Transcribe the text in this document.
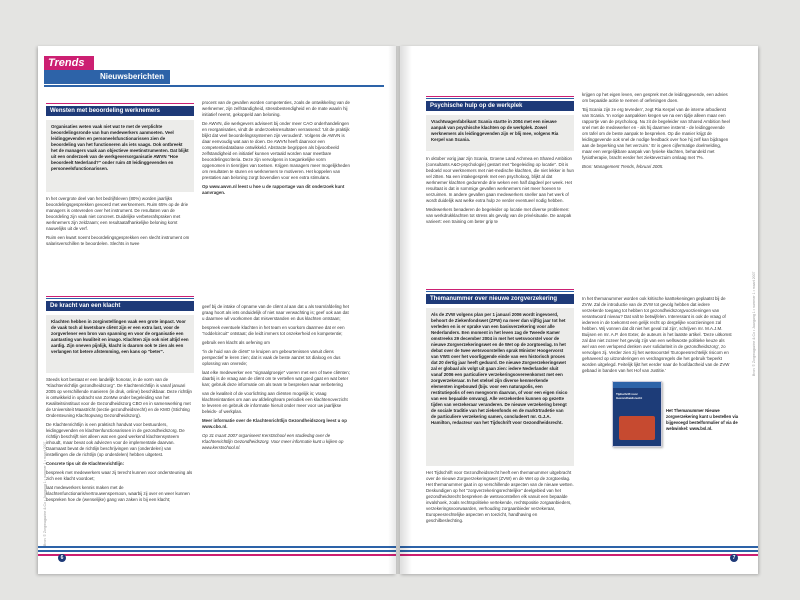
Trends
Nieuwsberichten
Bron: © Zorgmagazine & Co • Jaargang 1 • nummer 1 • maart 2007
Wensten met beoordeling werknemers
Organisaties weten vaak niet wat te met de verplichte beoordelingsronde van hun medewerkers aanmoeten. Veel leidinggevenden en personeelsfunctionarissen zien de beoordeling van het functioneren als iets vaags. Ook ontbreekt het de managers vaak aan objectieve meetinstrumenten. Dat blijkt uit een onderzoek van de werkgeversorganisatie AWVN "Hoe beoordeelt Nederland?" onder ruim 40 leidinggevenden en personeelsfunctionarissen.

In het overgrote deel van het bedrijfsleven (80%) worden jaarlijks beoordelingsgesprekken gevoerd met werknemers. Ruim 65% op de drie managers is ontevreden over het instrument. De resultaten van de beoordeling zijn vaak niet concreet. Duidelijke verbeterafspraken met werknemers zijn zeldzaam; een resultaatafhankelijke beloning komt nauwelijks uit de verf.

Ruim een kwart noemt beoordelingsgesprekken een slecht instrument om salarisverschillen te beoordelen. Slechts in twee

procent van de gevallen worden competenties, zoals de ontwikkeling van de werknemer, zijn zelfstandigheid, stressbestendigheid en de mate waarin hij initiatief neemt, gekoppeld aan beloning.

De AWVN, die werkgevers adviseert bij onder meer CAO onderhandelingen en reorganisaties, vindt de onderzoeksresultaten verrassend: 'Uit de praktijk blijkt dat veel beoordelingssystemen zijn verouderd'. Volgens de AWVN is daar eenvoudig wat aan te doen. De AWVN heeft daarvoor een competentiedatabase ontwikkeld. Abstracte begrippen als bijvoorbeeld zelfstandigheid en initiatief kunnen vertaald worden naar meetbare beoordelingscriteria. Deze zijn vervolgens in toegankelijke vorm opgenomen in tienrijtjes van toetsen. Krijgen managers meer mogelijkheden om resultaten te sturen en werknemers te motiveren. Het koppelen van prestaties aan beloning zorgt bovendien voor een extra stimulans.

Op www.awvn.nl leest u hoe u de rapportage van dit onderzoek kunt aanvragen.

De kracht van een klacht
Klachten hebben in zorginstellingen vaak een grote impact. Voor de vaak toch al kwetsbare cliënt zijn er een extra last, voor de zorgverlener een bron van spanning en voor de organisatie een aantasting van kwaliteit en imago. Klachten zijn ook niet altijd een aardig. Zijn oneven pijnlijk, klacht is daarom ook te zien als een verlangen tot betere afstemming, een kans op "beter".

Steeds kort bestaat er een landelijk honorar, in de vorm van de "Klachtenrichtlijn gezondheidszorg". De Klachtenrichtlijn is vanaf januari 2005 op verschillende manieren (in druk, online) beschikbaar. Deze richtlijn is ontwikkeld in opdracht van ZonMw onder begeleiding van het Kwaliteitsinstituut voor de Gezondheidszorg CBO en in samenwerking met de Universiteit Maastricht (sectie gezondheidsrecht) en de KMO (Stichting Ondersteuning Klachtopvang Gezondheidszorg).

De Klachtenrichtlijn is een praktisch handvat voor bestuurders, leidinggevenden en klachtenfunctionarissen in de gezondheidszorg. De richtlijn beschrijft niet alleen wat een goed werkend klachtensysteem inhoudt, maar bevat ook adviezen voor de implementatie daarvan. Daarnaast bevat de richtlijn beschrijvingen van (onderdelen) van instellingen die de richtlijn (op onderdelen) hebben uitgetest.

Concrete tips uit de Klachtenrichtlijn:

bespreek met medewerkers waar zij terecht kunnen voor ondersteuning als zich een klacht voordoet;

laat medewerkers kennis maken met de klachtenfunctionaris/vertrouwenspersoon, waarbij zij over en weer kunnen bespreken hoe de (wenselijke) gang van zaken is bij een klacht;

geef bij de intake of opname van de cliënt al aan dat u als team/afdeling het graag hoort als iets onduidelijk of niet naar verwachting is; geef ook aan dat u daarmee wil voorkomen dat misverstanden en dus klachten ontstaan;

bespreek eventuele klachten in het team en voorkom daarmee dat er een "roddelcircuit" ontstaat; die leidt immers tot onzekerheid en kompetentie;

gebruik een klacht als oefening om

"in de huid van de cliënt" te kruipen om gebeurtenissen vanuit diens perspectief te leren zien; dat is vaak de beste aanzet tot dialoog en dus oplossing van onvrede;

laat elke medewerker een "signaalgroepje" voeren met een of twee cliënten; daarbij is de vraag aan de cliënt om te vertellen wat goed gaat en wat beter kan; gebruik deze informatie om als team te bespreken waar verbetering

van de kwaliteit of de voorlichting aan cliënten mogelijk is; vraag klachtenintanties om aan uw afdeling/team periodiek een klachtenoverzicht te leveren en gebruik de informatie hieruit onder meer voor uw jaarlijkse beleids- of werkplan.

Meer informatie over de Klachtenrichtlijn Gezondheidszorg leest u op www.cbo.nl.

Op 31 maart 2007 organiseert KerstSchool een studiedag over de Klachtenrichtlijn Gezondheidszorg. Voor meer informatie kunt u kijken op www.kerstschool.nl.

6
Bron: © Zorgmagazine & Co • Jaargang 1 • nummer 1 • maart 2007
Psychische hulp op de werkplek
Vrachtwagenfabrikant Scania startte in 2004 met een nieuwe aanpak van psychische klachten op de werkplek. Zowel werknemers als leidinggevenden zijn er blij mee, volgens Ria Kerpel van Scania.

In oktober vorig jaar zijn Scania, Groene Land Achmea en Shared Ambition (consultants A&O-psychologie) gestart met "begeleiding op locatie". Dit is bedoeld voor werknemers met niet-medische klachten, die niet lekker in hun vel zitten. Na een intakegesprek met een psycholoog, blijkt al dat werknemer klachten gedurende drie weken een half dagdeel per week. Het resultaat is dat in sommige gevallen werknemers niet meer hoeven te verzuimen. In andere gevallen gaan medewerkers sneller aan het werk of wordt duidelijk wat welke extra hulp ze verder eventueel nodig hebben.

Medewerkers benaderen de begeleider op locatie met diverse problemen: van werkdrukklachten tot stress als gevolg van de privésituatie. De aanpak varieert: een training om beter grip te

krijgen op het eigen leven, een gesprek met de leidinggevende, een advies om bepaalde acitie te nemen of oefeningen doen.

'Bij Scania zijn ze erg tevreden', zegt Ria Kerpel van de interne arbodienst van Scania. 'In vorige aanpakken kregen we na een tijdje alleen maar een rapportje van de psycholoog. Nu zit de begeleider van Shared Ambition heel snel met de medewerker en - als hij daarmee instemt - de leidinggevende om tafel om de beste aanpak te bespreken. Op die manier krijgt de leidinggevende ook snel de nodige feedback over hoe hij zelf kan bijdragen aan de beperking van het verzuim.' Er is geen cijfermatige doelmelding, maar een vergelijkbare aanpak van fysieke klachten, behandeld met fysiotherapie, bracht eerder het ziekteverzuim omlaag met 7%.

Bron: Management Trends, februari 2005.

Themanummer over nieuwe zorgverzekering
Als de ZVW volgens plan per 1 januari 2006 wordt ingevoerd, behoort de Ziekenfondswet (ZFW) na meer dan vijftig jaar tot het verleden en is er sprake van een basisverzekering voor alle Nederlanders. Een moment in het leven zag de Tweede Kamer omstreeks 29 december 2004 in met het wetsvoorstel voor de nieuwe Zorgverzekeringswet en de Wet op de zorgtoeslag. In het debat over de twee wetsvoorstellen sprak Minister Hoogervorst van VWS over het voorliggende einde van een historisch proces dat 20 dertig jaar heeft geduurd. De nieuwe Zorgverzekeringswet zal er globaal als volgt uit gaan zien: iedere Nederlander sluit vanaf 2006 een particuliere verzekeringsovereenkomst met een zorgverzekeraar. In het stelsel zijn diverse kenmerkende elementen ingebouwd (bijv. voor een naturapolis, een restitutiepolis of een mengvorm daarvan, of voor een eigen risico van een bepaalde omvang). Alle verzekerden kunnen op gezette tijden van verzekeraar veranderen. De nieuwe verzekering brengt de sociale traditie van het ziekenfonds en de marktrtradetie van de particuliere verzekering samen, concludeert mr. G.J.A. Hamilton, redacteur van het Tijdschrift voor Gezondheidsrecht.

Het Tijdschrift voor Gezondheidsrecht heeft een themanummer uitgebracht over de nieuwe Zorgverzekeringswet (ZVW) en de Wet op de zorgtoeslag. Het themanummer gaat in op verschillende aspecten van de nieuwe wetten. Deskundigen op het "zorgverzekeringsrechtelijke" deelgebied van het gezondheidsrecht bespreken de wetsvoorstellen elk vanuit een bepaalde invalshoek, zoals rechtspolitieke vertekende, rechtspositie zorgaanbieders, verzekeringsvoorwaarden, verhouding zorgaanbieder verzekeraar, Europeesrechtelijke aspecten en toezicht, handhaving en geschilbeslechting.

In het themanummer worden ook kritische kanttekeningen geplaatst bij de ZVW. Zal de introductie van de ZVW tot gevolg hebben dat iedere verzekerde toegang tot hebben tot gezondheidszorgvoorzieningen van verantwoord niveau? Dat valt te betwijfelen. Interessant is ook de vraag of iedereen in de toekomst een gelijk recht op dergelijke voorzieningen zal hebben. Wij vonnen dat dit niet het geval zal zijn', schrijven mr. M.A.J.M. Buijsen en mr. A.P. den Exter, de auteurs in het laatste artikel. 'Deze uitkomst zal dan niet zozeer het gevolg zijn van een wellswoste politieke keuze als wel van een verlopend denken over solidariteit in de gezondheidszorg', zo vervolgen zij. Verder zien zij het wetsvoorstel 'Europeesrechtelijk risicom en gehaveerd op uitzonderingen en verdragsregels die het gebruik 'beperkt worden uitgelegd. Feitelijk lijkt het eerder naar de hoofdactheid van de ZVW gebaad in banden van het Hof van Justitie.'

Tijdschrift voor Gezondheidsrecht
Het Themanummer Nieuwe zorgverzekering kunt u bestellen via bijgevoegd bestelformulier of via de webwinkel: www.bsl.nl.
7
